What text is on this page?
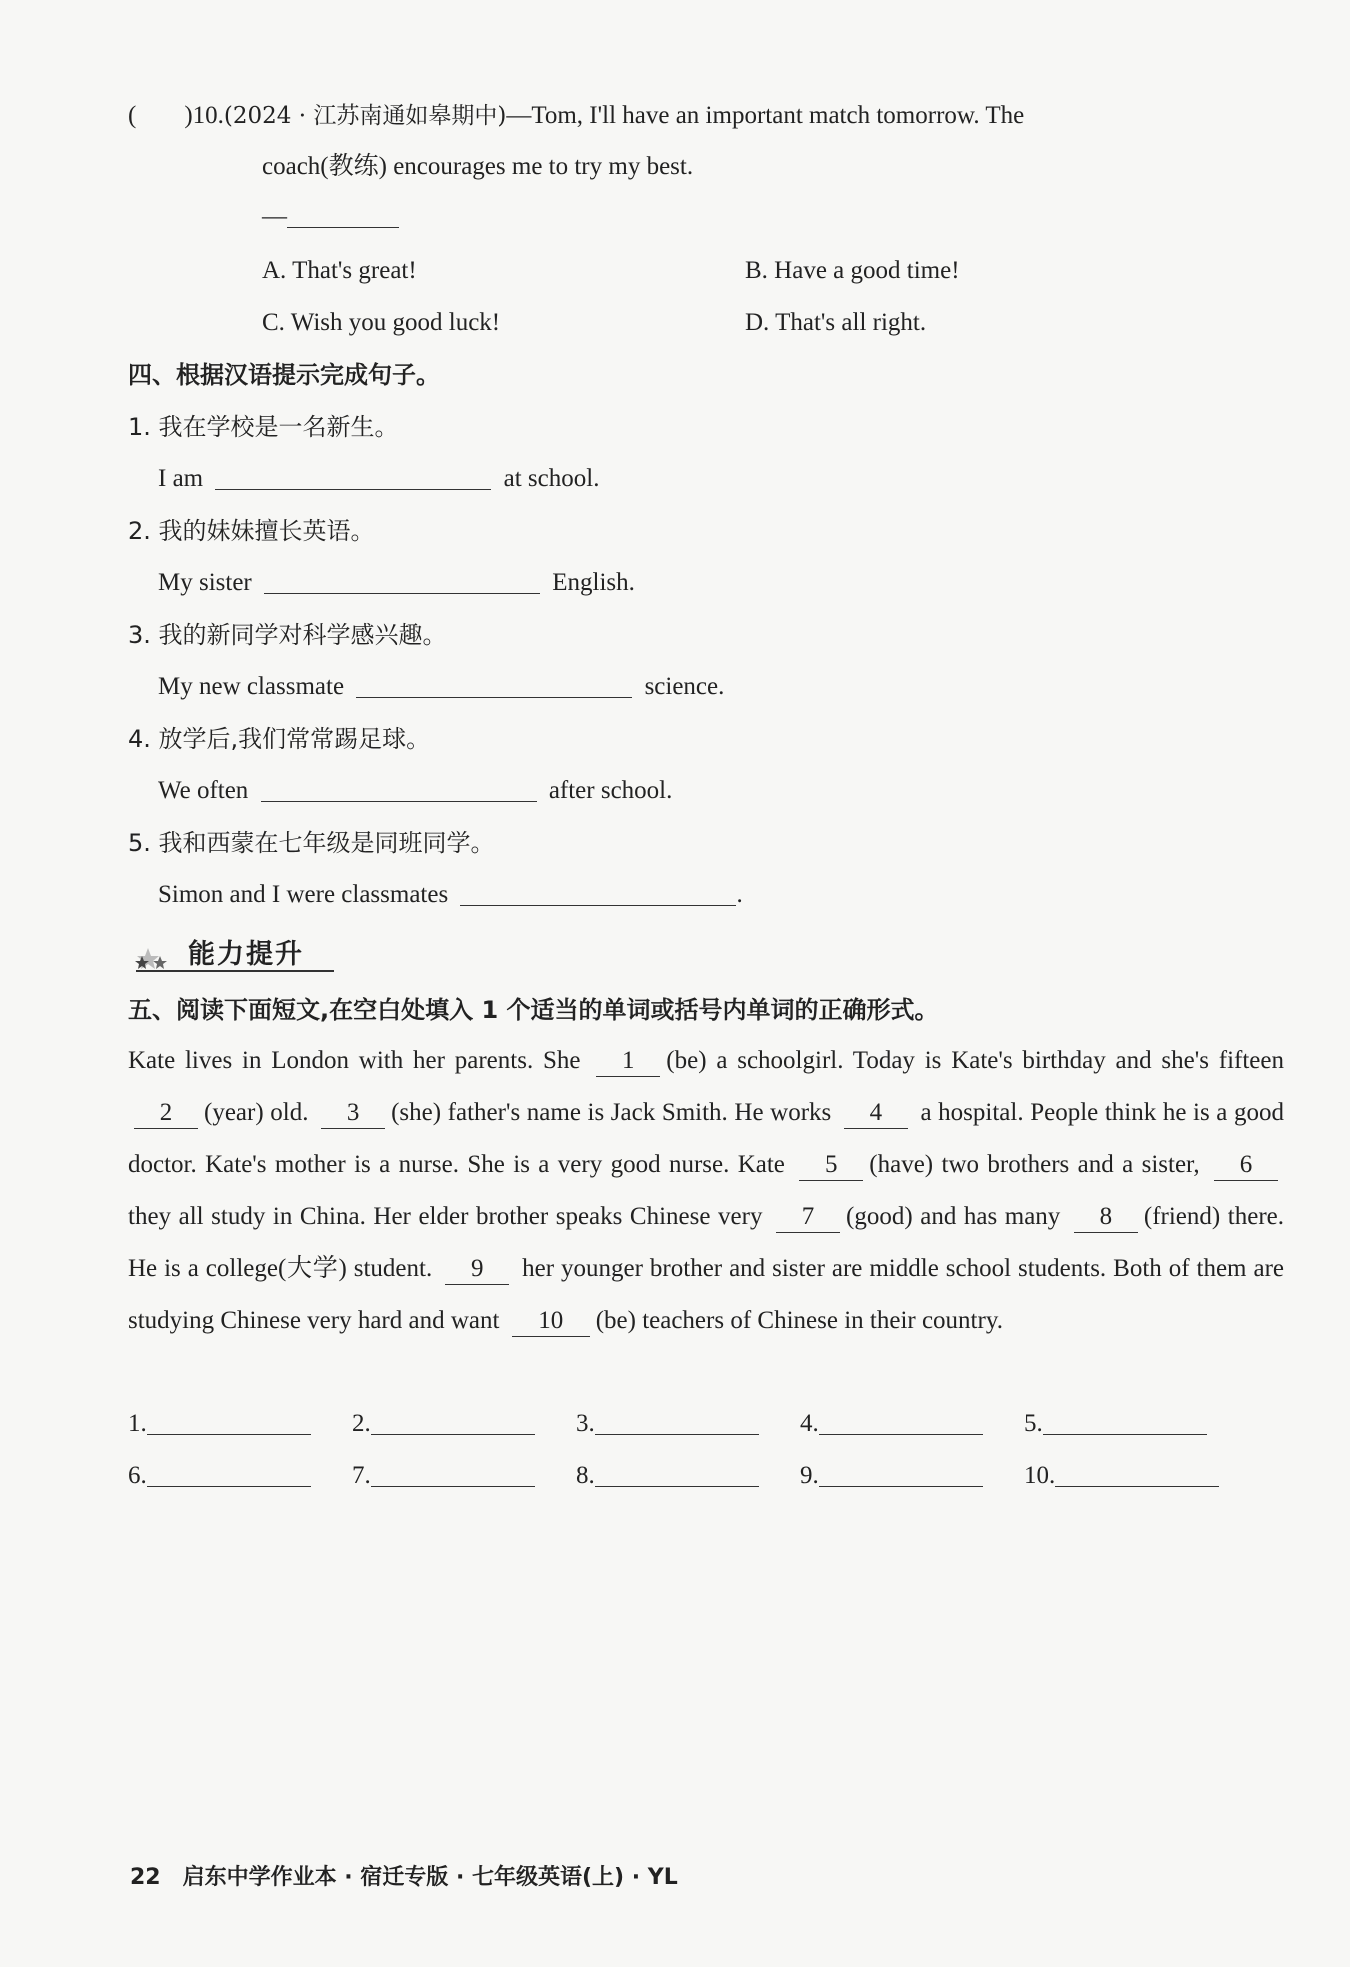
( )10.(2024 · 江苏南通如皋期中)—Tom, I'll have an important match tomorrow. The
coach(教练) encourages me to try my best.
—
A. That's great!	B. Have a good time!
C. Wish you good luck!	D. That's all right.
四、根据汉语提示完成句子。
1. 我在学校是一名新生。
I am	at school.
2. 我的妹妹擅长英语。
My sister	English.
3. 我的新同学对科学感兴趣。
My new classmate	science.
4. 放学后,我们常常踢足球。
We often	after school.
5. 我和西蒙在七年级是同班同学。
Simon and I were classmates	.
能力提升
五、阅读下面短文,在空白处填入 1 个适当的单词或括号内单词的正确形式。
Kate lives in London with her parents. She 1 (be) a schoolgirl. Today is Kate's birthday and she's fifteen 2 (year) old. 3 (she) father's name is Jack Smith. He works 4 a hospital. People think he is a good doctor. Kate's mother is a nurse. She is a very good nurse. Kate 5 (have) two brothers and a sister, 6 they all study in China. Her elder brother speaks Chinese very 7 (good) and has many 8 (friend) there. He is a college(大学) student. 9 her younger brother and sister are middle school students. Both of them are studying Chinese very hard and want 10 (be) teachers of Chinese in their country.
1.	2.	3.	4.	5.
6.	7.	8.	9.	10.
22 启东中学作业本 · 宿迁专版 · 七年级英语(上) · YL
